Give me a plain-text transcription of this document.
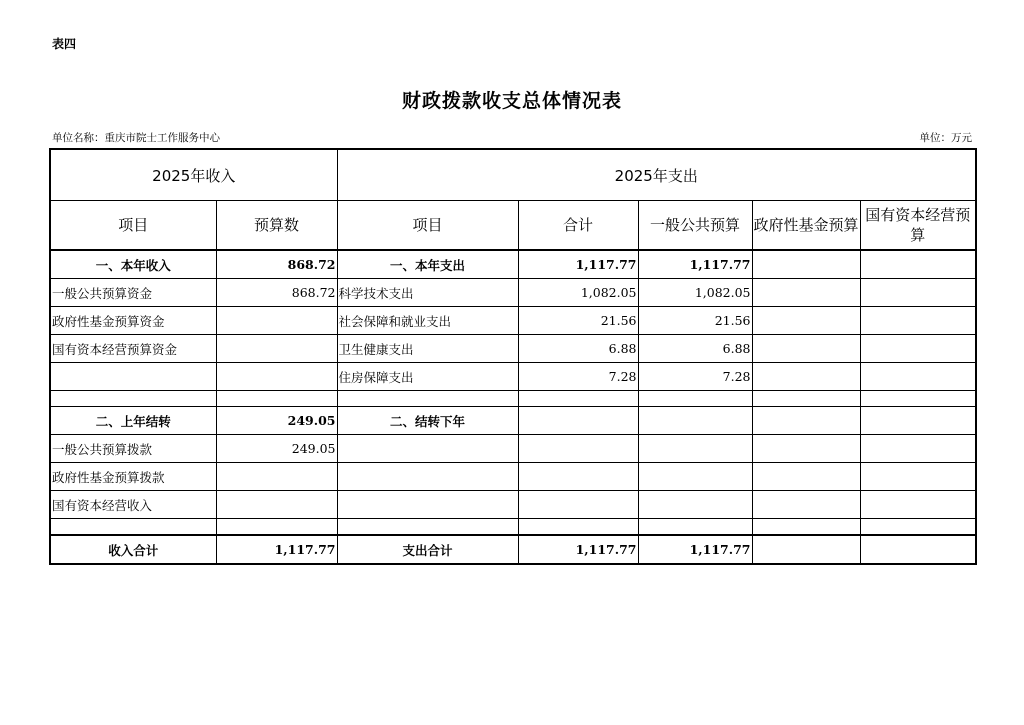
表四
财政拨款收支总体情况表
单位名称：重庆市院士工作服务中心	单位：万元
2025年收入		2025年支出				
项目	预算数	项目	合计	一般公共预算	政府性基金预算	国有资本经营预算
一、本年收入	868.72	一、本年支出	1,117.77	1,117.77		
一般公共预算资金	868.72	科学技术支出	1,082.05	1,082.05		
政府性基金预算资金		社会保障和就业支出	21.56	21.56		
国有资本经营预算资金		卫生健康支出	6.88	6.88		
		住房保障支出	7.28	7.28		

二、上年结转	249.05	二、结转下年				
一般公共预算拨款	249.05					
政府性基金预算拨款						
国有资本经营收入						

收入合计	1,117.77	支出合计	1,117.77	1,117.77		
